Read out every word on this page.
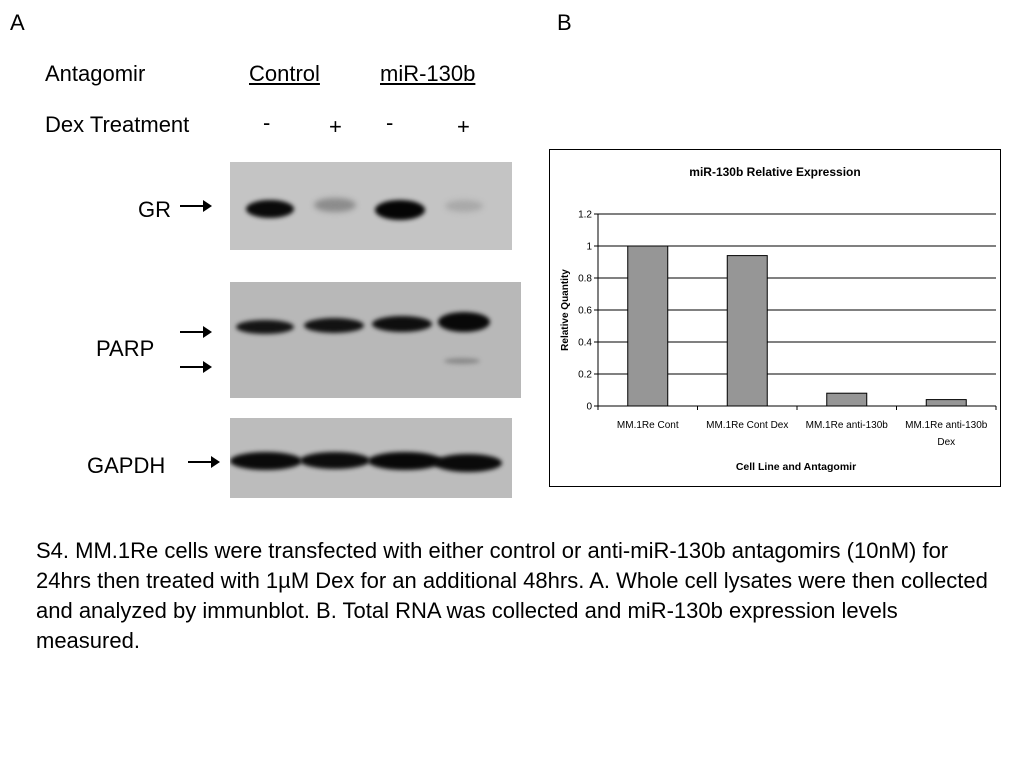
A	B
Antagomir	Control	miR-130b
Dex Treatment	-	+ -	+
GR
PARP
GAPDH
miR-130b Relative Expression
0
0.2
0.4
0.6
0.8
1
1.2
MM.1Re Cont	MM.1Re Cont Dex MM.1Re anti-130b MM.1Re anti-130b Dex
Cell Line and Antagomir
Relative Quantity
S4. MM.1Re cells were transfected with either control or anti-miR-130b antagomirs (10nM) for 24hrs then treated with 1µM Dex for an additional 48hrs. A. Whole cell lysates were then collected and analyzed by immunblot. B. Total RNA was collected and miR-130b expression levels measured.
